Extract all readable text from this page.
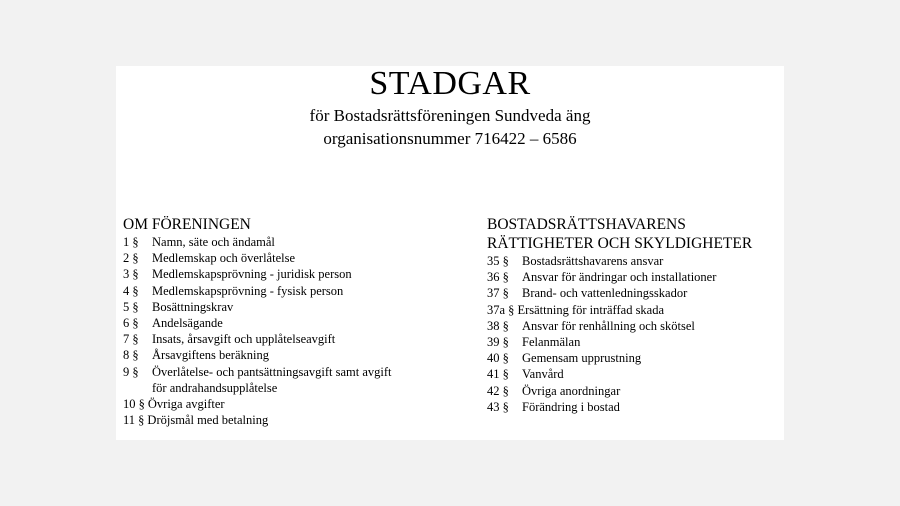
STADGAR
för Bostadsrättsföreningen Sundveda äng
organisationsnummer 716422 – 6586
OM FÖRENINGEN
1 §	Namn, säte och ändamål
2 §	Medlemskap och överlåtelse
3 §	Medlemskapsprövning - juridisk person
4 §	Medlemskapsprövning - fysisk person
5 §	Bosättningskrav
6 §	Andelsägande
7 §	Insats, årsavgift och upplåtelseavgift
8 §	Årsavgiftens beräkning
9 §	Överlåtelse- och pantsättningsavgift samt avgift
för andrahandsupplåtelse
10 § Övriga avgifter
11 § Dröjsmål med betalning
BOSTADSRÄTTSHAVARENS
RÄTTIGHETER OCH SKYLDIGHETER
35 §	Bostadsrättshavarens ansvar
36 §	Ansvar för ändringar och installationer
37 §	Brand- och vattenledningsskador
37a § Ersättning för inträffad skada
38 §	Ansvar för renhållning och skötsel
39 §	Felanmälan
40 §	Gemensam upprustning
41 §	Vanvård
42 §	Övriga anordningar
43 §	Förändring i bostad
